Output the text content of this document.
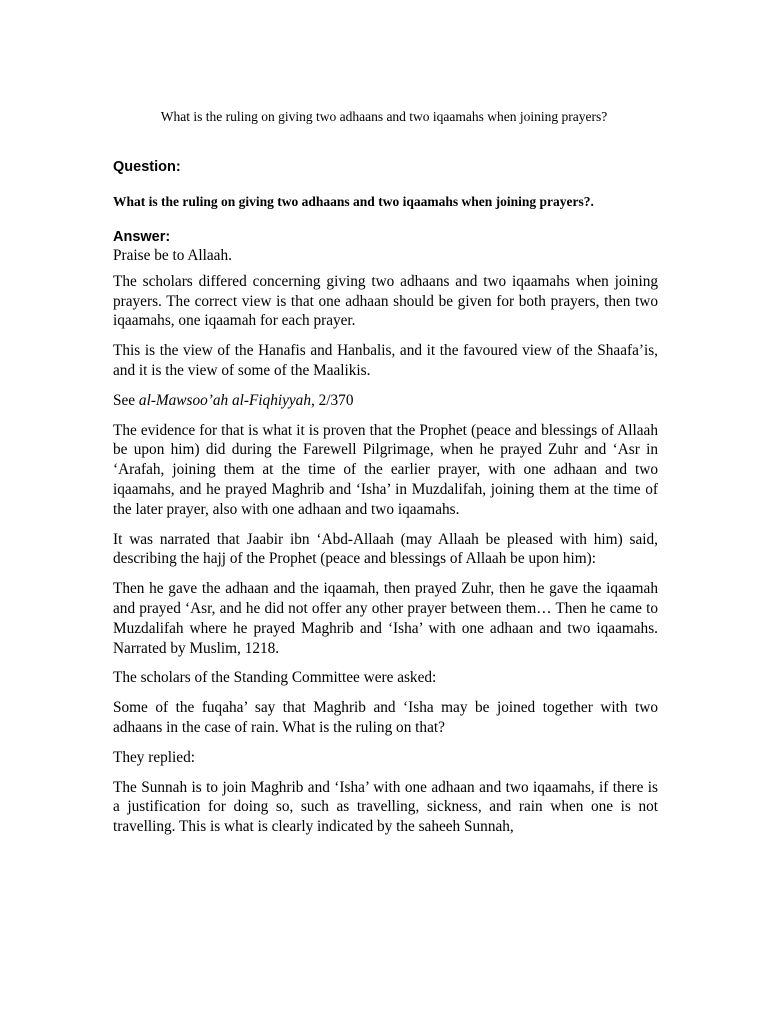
What is the ruling on giving two adhaans and two iqaamahs when joining prayers?
Question:
What is the ruling on giving two adhaans and two iqaamahs when joining prayers?.
Answer:

Praise be to Allaah.

The scholars differed concerning giving two adhaans and two iqaamahs when joining prayers. The correct view is that one adhaan should be given for both prayers, then two iqaamahs, one iqaamah for each prayer.

This is the view of the Hanafis and Hanbalis, and it the favoured view of the Shaafa’is, and it is the view of some of the Maalikis.

See al-Mawsoo’ah al-Fiqhiyyah, 2/370

The evidence for that is what it is proven that the Prophet (peace and blessings of Allaah be upon him) did during the Farewell Pilgrimage, when he prayed Zuhr and ‘Asr in ‘Arafah, joining them at the time of the earlier prayer, with one adhaan and two iqaamahs, and he prayed Maghrib and ‘Isha’ in Muzdalifah, joining them at the time of the later prayer, also with one adhaan and two iqaamahs.

It was narrated that Jaabir ibn ‘Abd-Allaah (may Allaah be pleased with him) said, describing the hajj of the Prophet (peace and blessings of Allaah be upon him):

Then he gave the adhaan and the iqaamah, then prayed Zuhr, then he gave the iqaamah and prayed ‘Asr, and he did not offer any other prayer between them… Then he came to Muzdalifah where he prayed Maghrib and ‘Isha’ with one adhaan and two iqaamahs. Narrated by Muslim, 1218.

The scholars of the Standing Committee were asked:

Some of the fuqaha’ say that Maghrib and ‘Isha may be joined together with two adhaans in the case of rain. What is the ruling on that?

They replied:

The Sunnah is to join Maghrib and ‘Isha’ with one adhaan and two iqaamahs, if there is a justification for doing so, such as travelling, sickness, and rain when one is not travelling. This is what is clearly indicated by the saheeh Sunnah,
